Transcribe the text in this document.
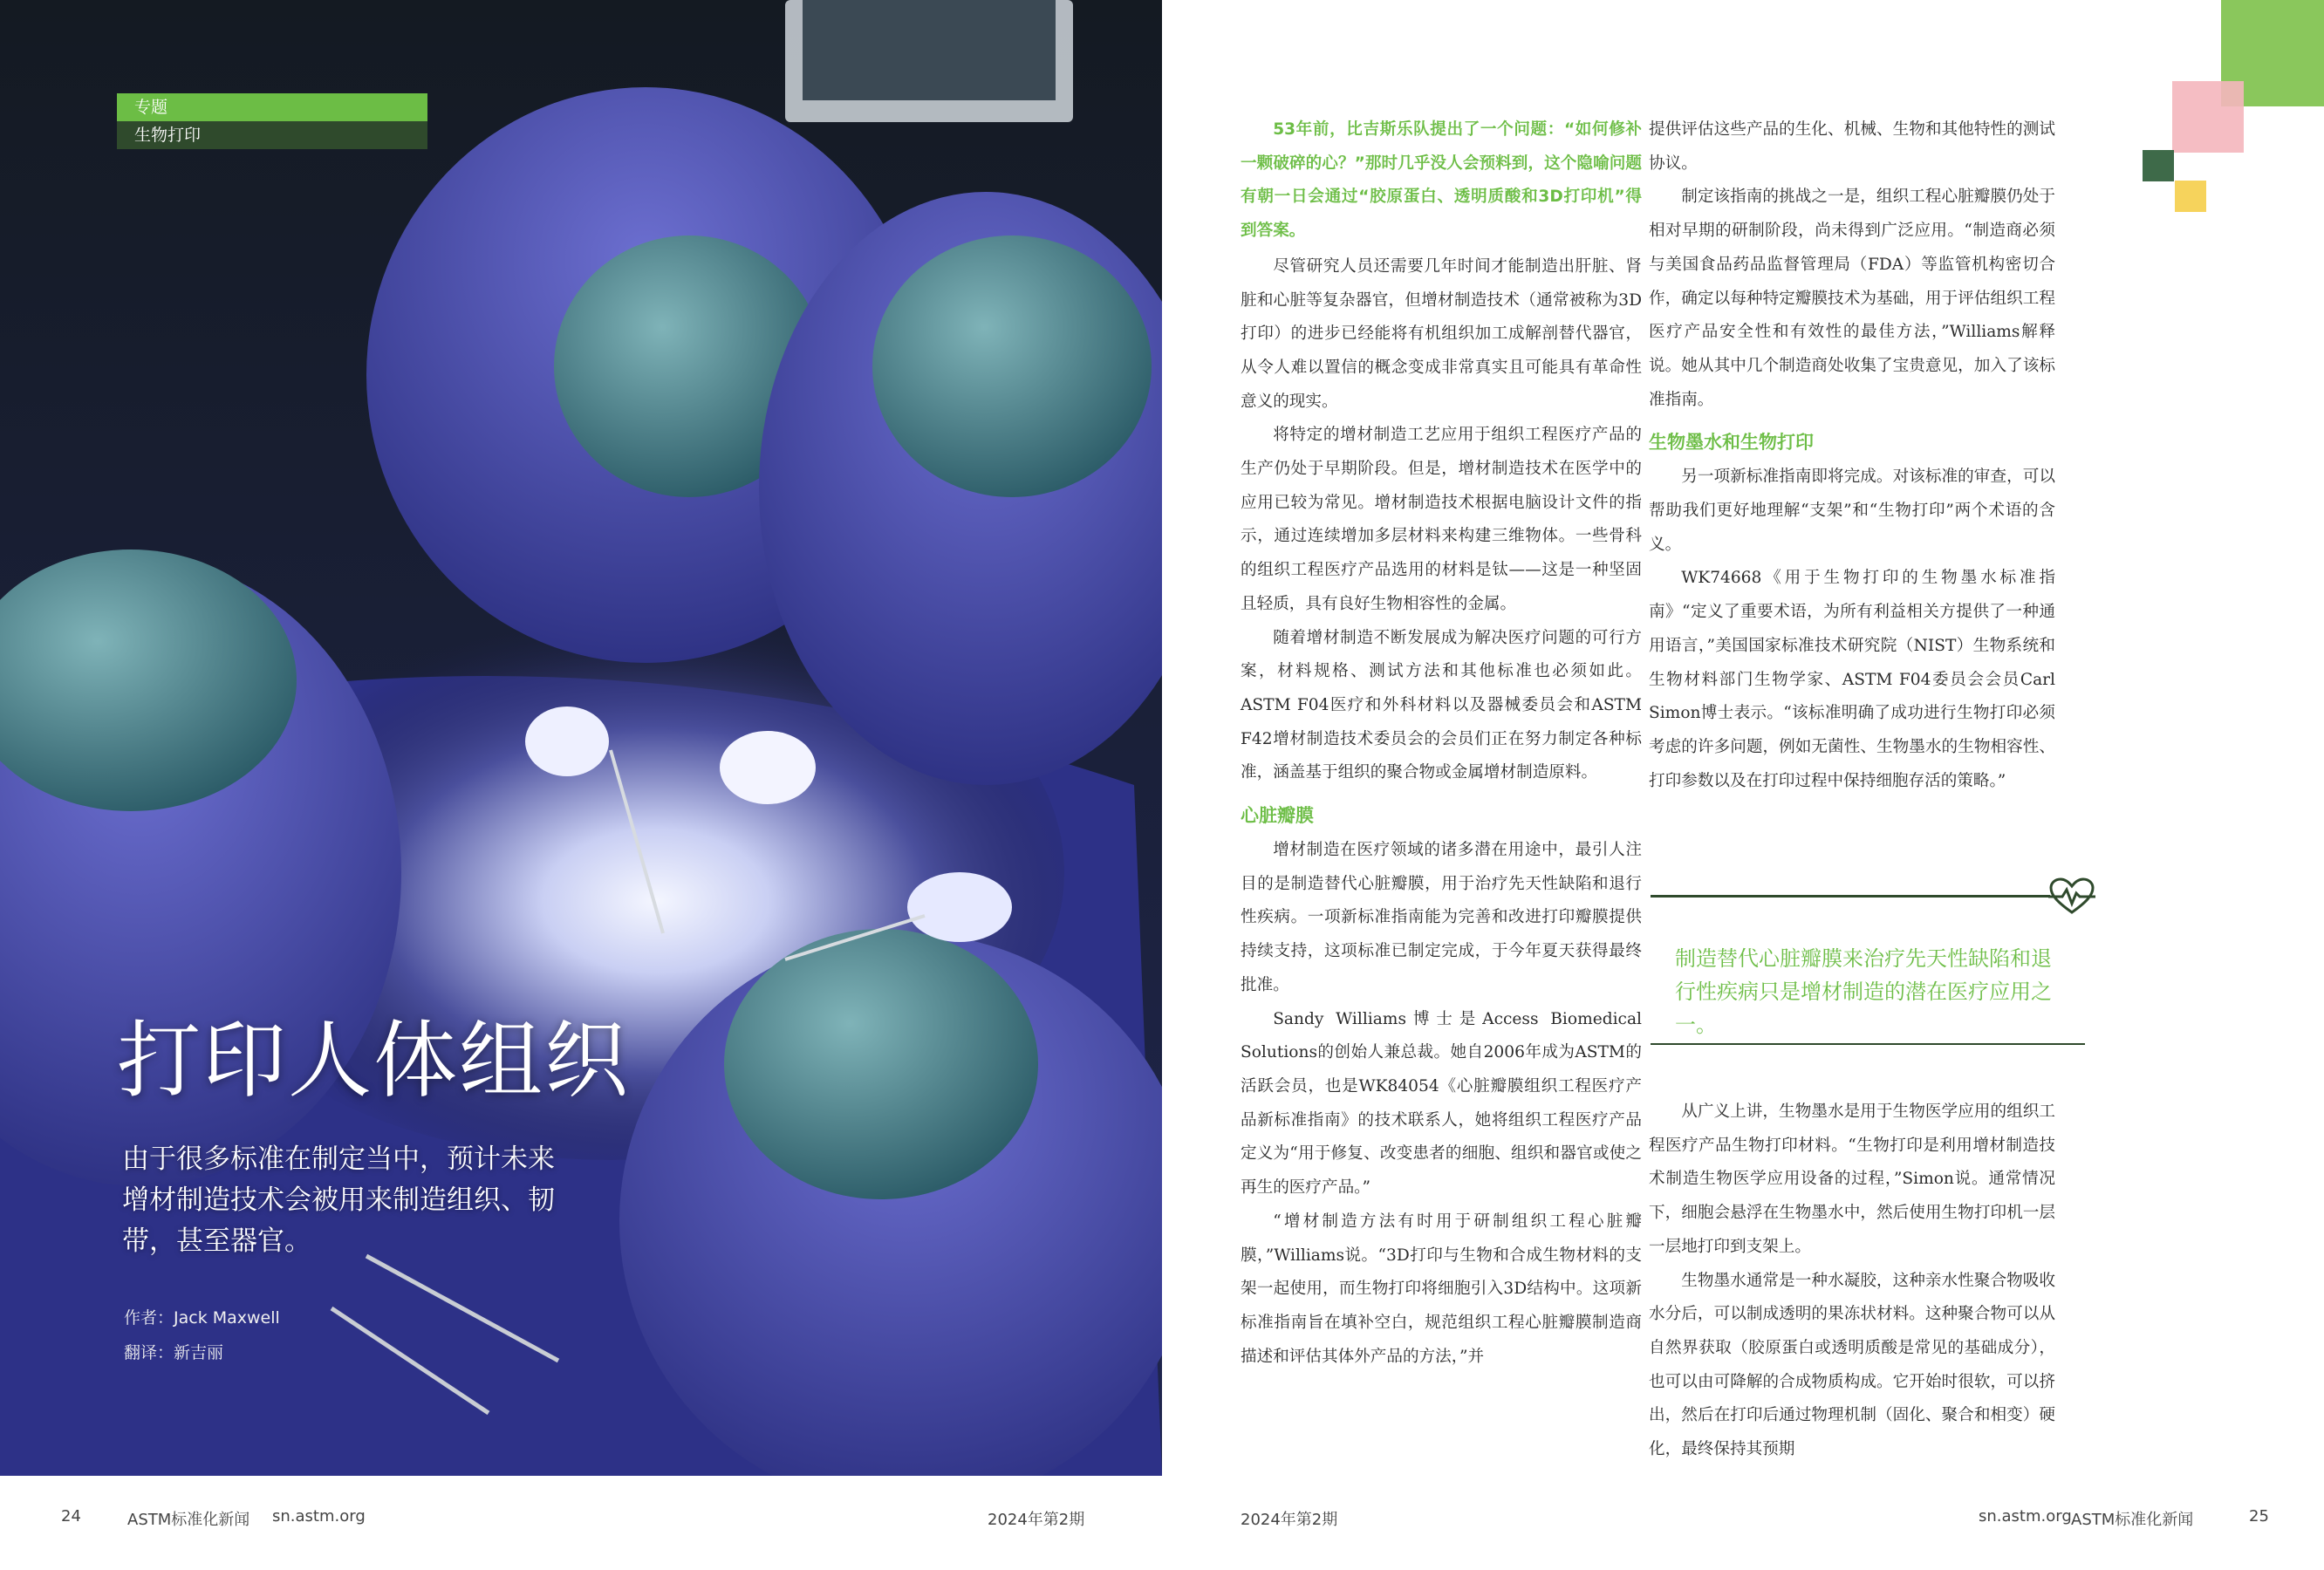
专题
生物打印
打印人体组织
由于很多标准在制定当中，预计未来增材制造技术会被用来制造组织、韧带，甚至器官。
作者：Jack Maxwell
翻译：新吉丽
24	ASTM标准化新闻 sn.astm.org	2024年第2期

53年前，比吉斯乐队提出了一个问题：“如何修补一颗破碎的心？”那时几乎没人会预料到，这个隐喻问题有朝一日会通过“胶原蛋白、透明质酸和3D打印机”得到答案。

尽管研究人员还需要几年时间才能制造出肝脏、肾脏和心脏等复杂器官，但增材制造技术（通常被称为3D打印）的进步已经能将有机组织加工成解剖替代器官，从令人难以置信的概念变成非常真实且可能具有革命性意义的现实。

将特定的增材制造工艺应用于组织工程医疗产品的生产仍处于早期阶段。但是，增材制造技术在医学中的应用已较为常见。增材制造技术根据电脑设计文件的指示，通过连续增加多层材料来构建三维物体。一些骨科的组织工程医疗产品选用的材料是钛——这是一种坚固且轻质，具有良好生物相容性的金属。

随着增材制造不断发展成为解决医疗问题的可行方案，材料规格、测试方法和其他标准也必须如此。ASTM F04医疗和外科材料以及器械委员会和ASTM F42增材制造技术委员会的会员们正在努力制定各种标准，涵盖基于组织的聚合物或金属增材制造原料。

心脏瓣膜

增材制造在医疗领域的诸多潜在用途中，最引人注目的是制造替代心脏瓣膜，用于治疗先天性缺陷和退行性疾病。一项新标准指南能为完善和改进打印瓣膜提供持续支持，这项标准已制定完成，于今年夏天获得最终批准。

Sandy Williams博士是Access Biomedical Solutions的创始人兼总裁。她自2006年成为ASTM的活跃会员，也是WK84054《心脏瓣膜组织工程医疗产品新标准指南》的技术联系人，她将组织工程医疗产品定义为“用于修复、改变患者的细胞、组织和器官或使之再生的医疗产品。”

“增材制造方法有时用于研制组织工程心脏瓣膜，”Williams说。“3D打印与生物和合成生物材料的支架一起使用，而生物打印将细胞引入3D结构中。这项新标准指南旨在填补空白，规范组织工程心脏瓣膜制造商描述和评估其体外产品的方法，”并

提供评估这些产品的生化、机械、生物和其他特性的测试协议。

制定该指南的挑战之一是，组织工程心脏瓣膜仍处于相对早期的研制阶段，尚未得到广泛应用。“制造商必须与美国食品药品监督管理局（FDA）等监管机构密切合作，确定以每种特定瓣膜技术为基础，用于评估组织工程医疗产品安全性和有效性的最佳方法，”Williams解释说。她从其中几个制造商处收集了宝贵意见，加入了该标准指南。

生物墨水和生物打印

另一项新标准指南即将完成。对该标准的审查，可以帮助我们更好地理解“支架”和“生物打印”两个术语的含义。

WK74668《用于生物打印的生物墨水标准指南》“定义了重要术语，为所有利益相关方提供了一种通用语言，”美国国家标准技术研究院（NIST）生物系统和生物材料部门生物学家、ASTM F04委员会会员Carl Simon博士表示。“该标准明确了成功进行生物打印必须考虑的许多问题，例如无菌性、生物墨水的生物相容性、打印参数以及在打印过程中保持细胞存活的策略。”

制造替代心脏瓣膜来治疗先天性缺陷和退行性疾病只是增材制造的潜在医疗应用之一。

从广义上讲，生物墨水是用于生物医学应用的组织工程医疗产品生物打印材料。“生物打印是利用增材制造技术制造生物医学应用设备的过程，”Simon说。通常情况下，细胞会悬浮在生物墨水中，然后使用生物打印机一层一层地打印到支架上。

生物墨水通常是一种水凝胶，这种亲水性聚合物吸收水分后，可以制成透明的果冻状材料。这种聚合物可以从自然界获取（胶原蛋白或透明质酸是常见的基础成分），也可以由可降解的合成物质构成。它开始时很软，可以挤出，然后在打印后通过物理机制（固化、聚合和相变）硬化，最终保持其预期

2024年第2期	sn.astm.org ASTM标准化新闻	25
